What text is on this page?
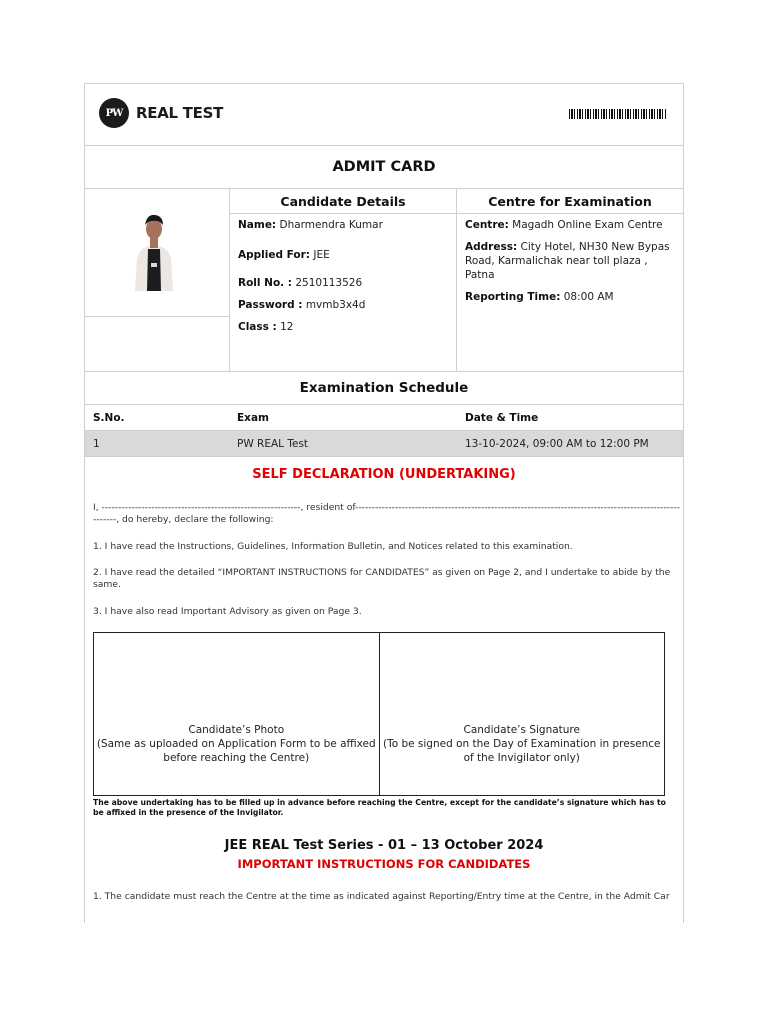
PW REAL TEST
ADMIT CARD
Candidate Details
Name: Dharmendra Kumar
Applied For: JEE
Roll No. : 2510113526
Password : mvmb3x4d
Class : 12
Centre for Examination
Centre: Magadh Online Exam Centre
Address: City Hotel, NH30 New Bypas Road, Karmalichak near toll plaza , Patna
Reporting Time: 08:00 AM
Examination Schedule
S.No.	Exam	Date & Time
1	PW REAL Test	13-10-2024, 09:00 AM to 12:00 PM
SELF DECLARATION (UNDERTAKING)
I, ------------------------------------------------------------, resident of--------------------------------------------------------------------------------------------------
-------, do hereby, declare the following:
1. I have read the Instructions, Guidelines, Information Bulletin, and Notices related to this examination.
2. I have read the detailed “IMPORTANT INSTRUCTIONS for CANDIDATES” as given on Page 2, and I undertake to abide by the same.
3. I have also read Important Advisory as given on Page 3.
Candidate’s Photo
(Same as uploaded on Application Form to be affixed before reaching the Centre)
Candidate’s Signature
(To be signed on the Day of Examination in presence of the Invigilator only)
The above undertaking has to be filled up in advance before reaching the Centre, except for the candidate’s signature which has to be affixed in the presence of the Invigilator.
JEE REAL Test Series - 01 – 13 October 2024
IMPORTANT INSTRUCTIONS FOR CANDIDATES
1. The candidate must reach the Centre at the time as indicated against Reporting/Entry time at the Centre, in the Admit Car
